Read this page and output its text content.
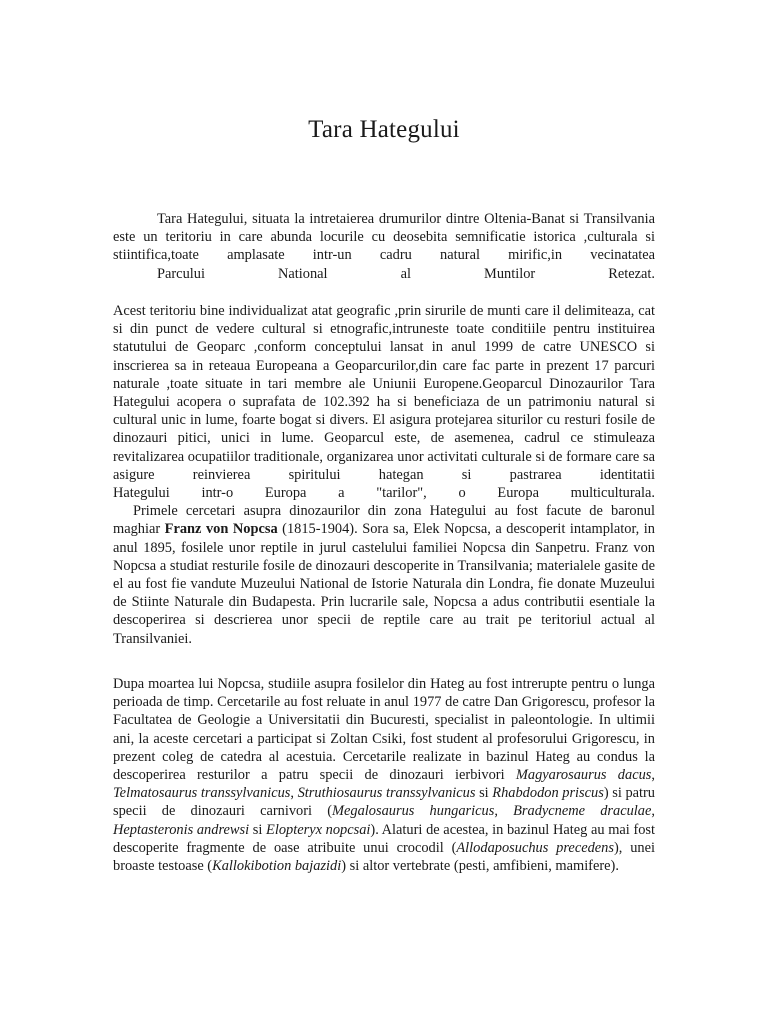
Tara Hategului

Tara Hategului, situata la intretaierea drumurilor dintre Oltenia-Banat si Transilvania este un teritoriu in care abunda locurile cu deosebita semnificatie istorica ,culturala si stiintifica,toate amplasate intr-un cadru natural mirific,in vecinatatea
Parcului National al Muntilor Retezat.

Acest teritoriu bine individualizat atat geografic ,prin sirurile de munti care il delimiteaza, cat si din punct de vedere cultural si etnografic,intruneste toate conditiile pentru instituirea statutului de Geoparc ,conform conceptului lansat in anul 1999 de catre UNESCO si inscrierea sa in reteaua Europeana a Geoparcurilor,din care fac parte in prezent 17 parcuri naturale ,toate situate in tari membre ale Uniunii Europene.Geoparcul Dinozaurilor Tara Hategului acopera o suprafata de 102.392 ha si beneficiaza de un patrimoniu natural si cultural unic in lume, foarte bogat si divers. El asigura protejarea siturilor cu resturi fosile de dinozauri pitici, unici in lume. Geoparcul este, de asemenea, cadrul ce stimuleaza revitalizarea ocupatiilor traditionale, organizarea unor activitati culturale si de formare care sa asigure reinvierea spiritului hategan si pastrarea identitatii
Hategului intr-o Europa a "tarilor", o Europa multiculturala.
Primele cercetari asupra dinozaurilor din zona Hategului au fost facute de baronul maghiar Franz von Nopcsa (1815-1904). Sora sa, Elek Nopcsa, a descoperit intamplator, in anul 1895, fosilele unor reptile in jurul castelului familiei Nopcsa din Sanpetru. Franz von Nopcsa a studiat resturile fosile de dinozauri descoperite in Transilvania; materialele gasite de el au fost fie vandute Muzeului National de Istorie Naturala din Londra, fie donate Muzeului de Stiinte Naturale din Budapesta. Prin lucrarile sale, Nopcsa a adus contributii esentiale la descoperirea si descrierea unor specii de reptile care au trait pe teritoriul actual al Transilvaniei.

Dupa moartea lui Nopcsa, studiile asupra fosilelor din Hateg au fost intrerupte pentru o lunga perioada de timp. Cercetarile au fost reluate in anul 1977 de catre Dan Grigorescu, profesor la Facultatea de Geologie a Universitatii din Bucuresti, specialist in paleontologie. In ultimii ani, la aceste cercetari a participat si Zoltan Csiki, fost student al profesorului Grigorescu, in prezent coleg de catedra al acestuia. Cercetarile realizate in bazinul Hateg au condus la descoperirea resturilor a patru specii de dinozauri ierbivori Magyarosaurus dacus, Telmatosaurus transsylvanicus, Struthiosaurus transsylvanicus si Rhabdodon priscus) si patru specii de dinozauri carnivori (Megalosaurus hungaricus, Bradycneme draculae, Heptasteronis andrewsi si Elopteryx nopcsai). Alaturi de acestea, in bazinul Hateg au mai fost descoperite fragmente de oase atribuite unui crocodil (Allodaposuchus precedens), unei broaste testoase (Kallokibotion bajazidi) si altor vertebrate (pesti, amfibieni, mamifere).
